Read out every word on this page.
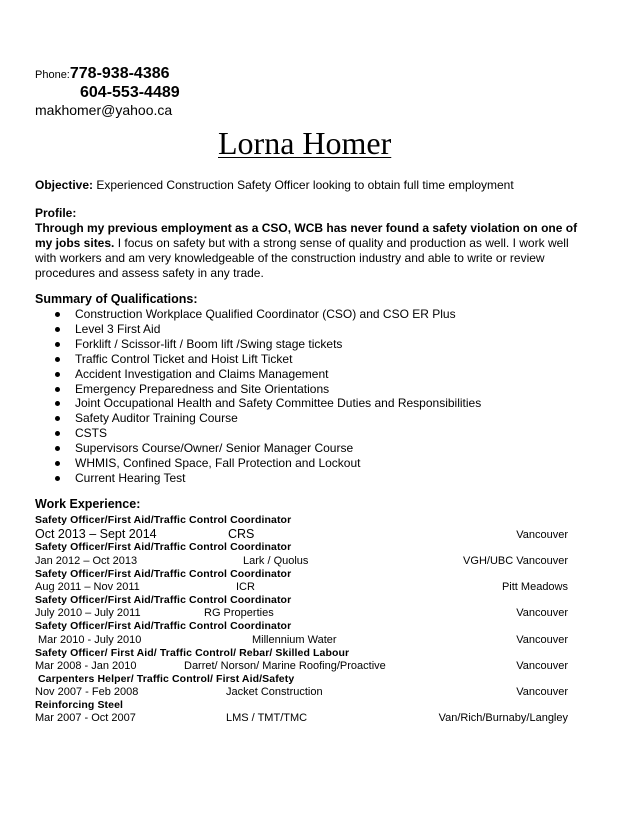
Phone:778-938-4386
604-553-4489
makhomer@yahoo.ca
Lorna Homer
Objective: Experienced Construction Safety Officer looking to obtain full time employment
Profile:
Through my previous employment as a CSO, WCB has never found a safety violation on one of
my jobs sites. I focus on safety but with a strong sense of quality and production as well. I work well
with workers and am very knowledgeable of the construction industry and able to write or review
procedures and assess safety in any trade.
Summary of Qualifications:
Construction Workplace Qualified Coordinator (CSO) and CSO ER Plus
Level 3 First Aid
Forklift / Scissor-lift / Boom lift /Swing stage tickets
Traffic Control Ticket and Hoist Lift Ticket
Accident Investigation and Claims Management
Emergency Preparedness and Site Orientations
Joint Occupational Health and Safety Committee Duties and Responsibilities
Safety Auditor Training Course
CSTS
Supervisors Course/Owner/ Senior Manager Course
WHMIS, Confined Space, Fall Protection and Lockout
Current Hearing Test
Work Experience:
Safety Officer/First Aid/Traffic Control Coordinator
Oct 2013 – Sept 2014	CRS	Vancouver
Safety Officer/First Aid/Traffic Control Coordinator
Jan 2012 – Oct 2013	Lark / Quolus	VGH/UBC Vancouver
Safety Officer/First Aid/Traffic Control Coordinator
Aug 2011 – Nov 2011	ICR	Pitt Meadows
Safety Officer/First Aid/Traffic Control Coordinator
July 2010 – July 2011	RG Properties	Vancouver
Safety Officer/First Aid/Traffic Control Coordinator
Mar 2010 - July 2010	Millennium Water	Vancouver
Safety Officer/ First Aid/ Traffic Control/ Rebar/ Skilled Labour
Mar 2008 - Jan 2010	Darret/ Norson/ Marine Roofing/Proactive	Vancouver
Carpenters Helper/ Traffic Control/ First Aid/Safety
Nov 2007 - Feb 2008	Jacket Construction	Vancouver
Reinforcing Steel
Mar 2007 - Oct 2007	LMS / TMT/TMC	Van/Rich/Burnaby/Langley
